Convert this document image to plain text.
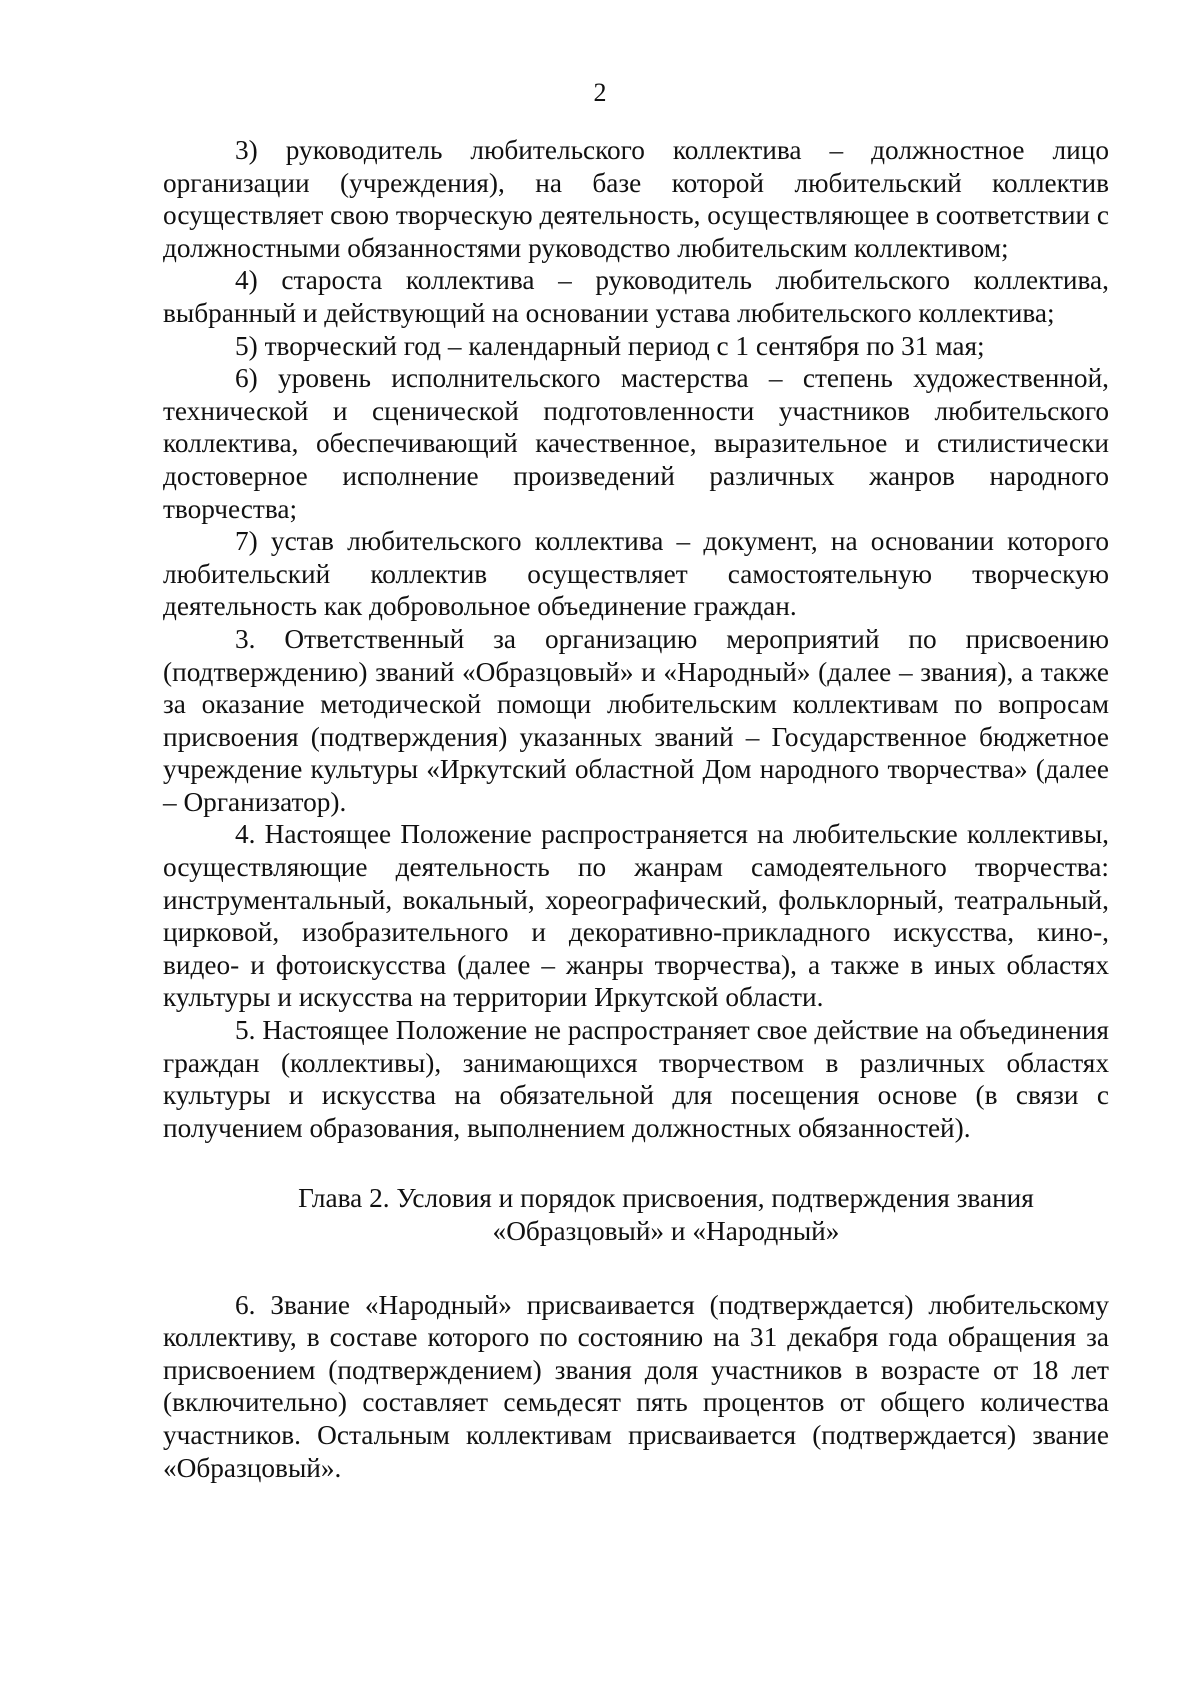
2

3) руководитель любительского коллектива – должностное лицо организации (учреждения), на базе которой любительский коллектив осуществляет свою творческую деятельность, осуществляющее в соответствии с должностными обязанностями руководство любительским коллективом;

4) староста коллектива – руководитель любительского коллектива, выбранный и действующий на основании устава любительского коллектива;

5) творческий год – календарный период с 1 сентября по 31 мая;

6) уровень исполнительского мастерства – степень художественной, технической и сценической подготовленности участников любительского коллектива, обеспечивающий качественное, выразительное и стилистически достоверное исполнение произведений различных жанров народного творчества;

7) устав любительского коллектива – документ, на основании которого любительский коллектив осуществляет самостоятельную творческую деятельность как добровольное объединение граждан.

3. Ответственный за организацию мероприятий по присвоению (подтверждению) званий «Образцовый» и «Народный» (далее – звания), а также за оказание методической помощи любительским коллективам по вопросам присвоения (подтверждения) указанных званий – Государственное бюджетное учреждение культуры «Иркутский областной Дом народного творчества» (далее – Организатор).

4. Настоящее Положение распространяется на любительские коллективы, осуществляющие деятельность по жанрам самодеятельного творчества: инструментальный, вокальный, хореографический, фольклорный, театральный, цирковой, изобразительного и декоративно-прикладного искусства, кино-, видео- и фотоискусства (далее – жанры творчества), а также в иных областях культуры и искусства на территории Иркутской области.

5. Настоящее Положение не распространяет свое действие на объединения граждан (коллективы), занимающихся творчеством в различных областях культуры и искусства на обязательной для посещения основе (в связи с получением образования, выполнением должностных обязанностей).

Глава 2. Условия и порядок присвоения, подтверждения звания
«Образцовый» и «Народный»

6. Звание «Народный» присваивается (подтверждается) любительскому коллективу, в составе которого по состоянию на 31 декабря года обращения за присвоением (подтверждением) звания доля участников в возрасте от 18 лет (включительно) составляет семьдесят пять процентов от общего количества участников. Остальным коллективам присваивается (подтверждается) звание «Образцовый».
